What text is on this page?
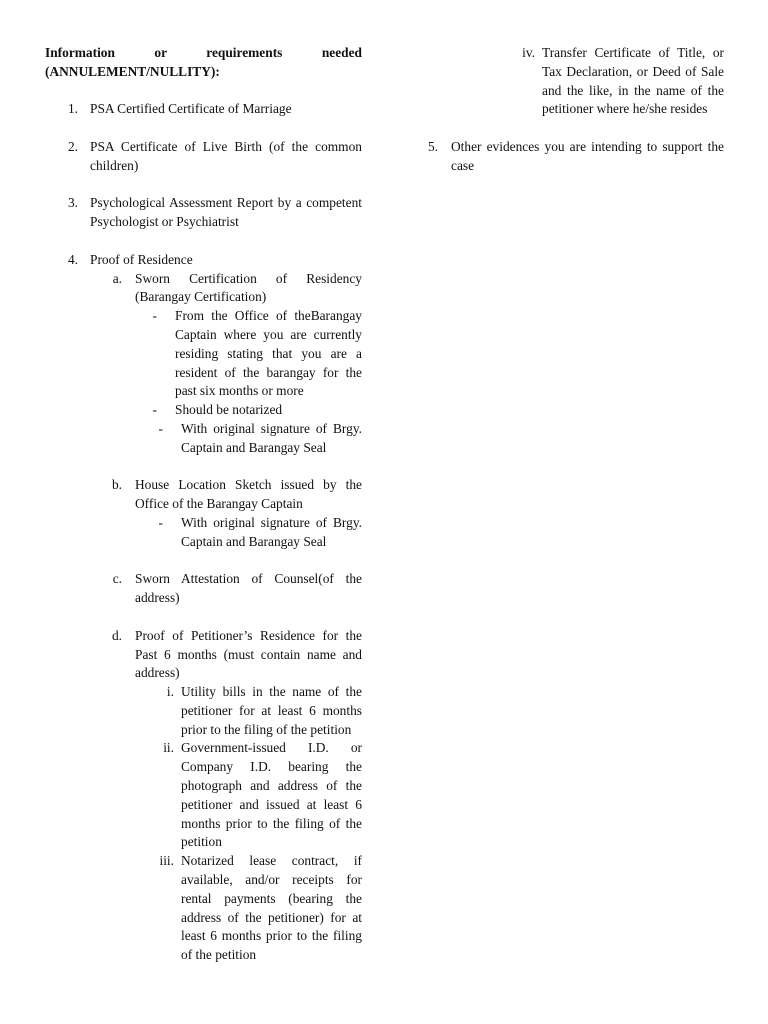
Information or requirements needed
(ANNULEMENT/NULLITY):
1. PSA Certified Certificate of Marriage
2. PSA Certificate of Live Birth (of the common children)
3. Psychological Assessment Report by a competent Psychologist or Psychiatrist
4. Proof of Residence
a. Sworn Certification of Residency (Barangay Certification)
- From the Office of theBarangay Captain where you are currently residing stating that you are a resident of the barangay for the past six months or more
- Should be notarized
- With original signature of Brgy. Captain and Barangay Seal
b. House Location Sketch issued by the Office of the Barangay Captain
- With original signature of Brgy. Captain and Barangay Seal
c. Sworn Attestation of Counsel(of the address)
d. Proof of Petitioner’s Residence for the Past 6 months (must contain name and address)
i. Utility bills in the name of the petitioner for at least 6 months prior to the filing of the petition
ii. Government-issued I.D. or Company I.D. bearing the photograph and address of the petitioner and issued at least 6 months prior to the filing of the petition
iii. Notarized lease contract, if available, and/or receipts for rental payments (bearing the address of the petitioner) for at least 6 months prior to the filing of the petition
iv. Transfer Certificate of Title, or Tax Declaration, or Deed of Sale and the like, in the name of the petitioner where he/she resides
5. Other evidences you are intending to support the case
